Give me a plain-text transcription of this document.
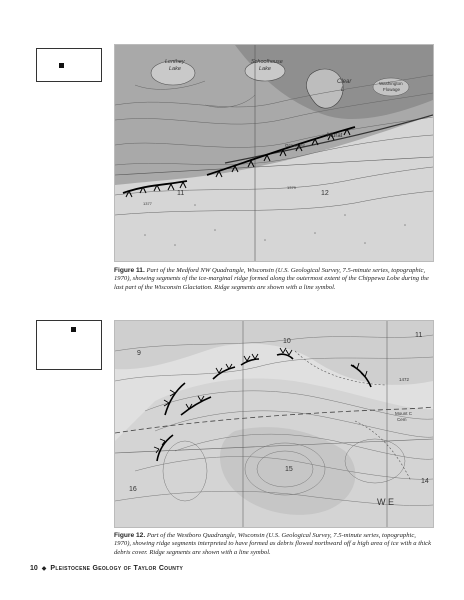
Lenthey
Lake
Schoolhouse
Lake
Clear
L
Washington
Flowage
Murat
Gravel Pit
11	12
1377
1379

Figure 11. Part of the Medford NW Quadrangle, Wisconsin (U.S. Geological Survey, 7.5-minute series, topographic, 1970), showing segments of the ice-marginal ridge formed along the outermost extent of the Chippewa Lobe during the last part of the Wisconsin Glaciation. Ridge segments are shown with a line symbol.

9
10
11
15
16
14
1472
Mount C
Cem
W E

Figure 12. Part of the Westboro Quadrangle, Wisconsin (U.S. Geological Survey, 7.5-minute series, topographic, 1970), showing ridge segments interpreted to have formed as debris flowed northward off a high area of ice with a thick debris cover. Ridge segments are shown with a line symbol.

10 ◆ Pleistocene Geology of Taylor County
